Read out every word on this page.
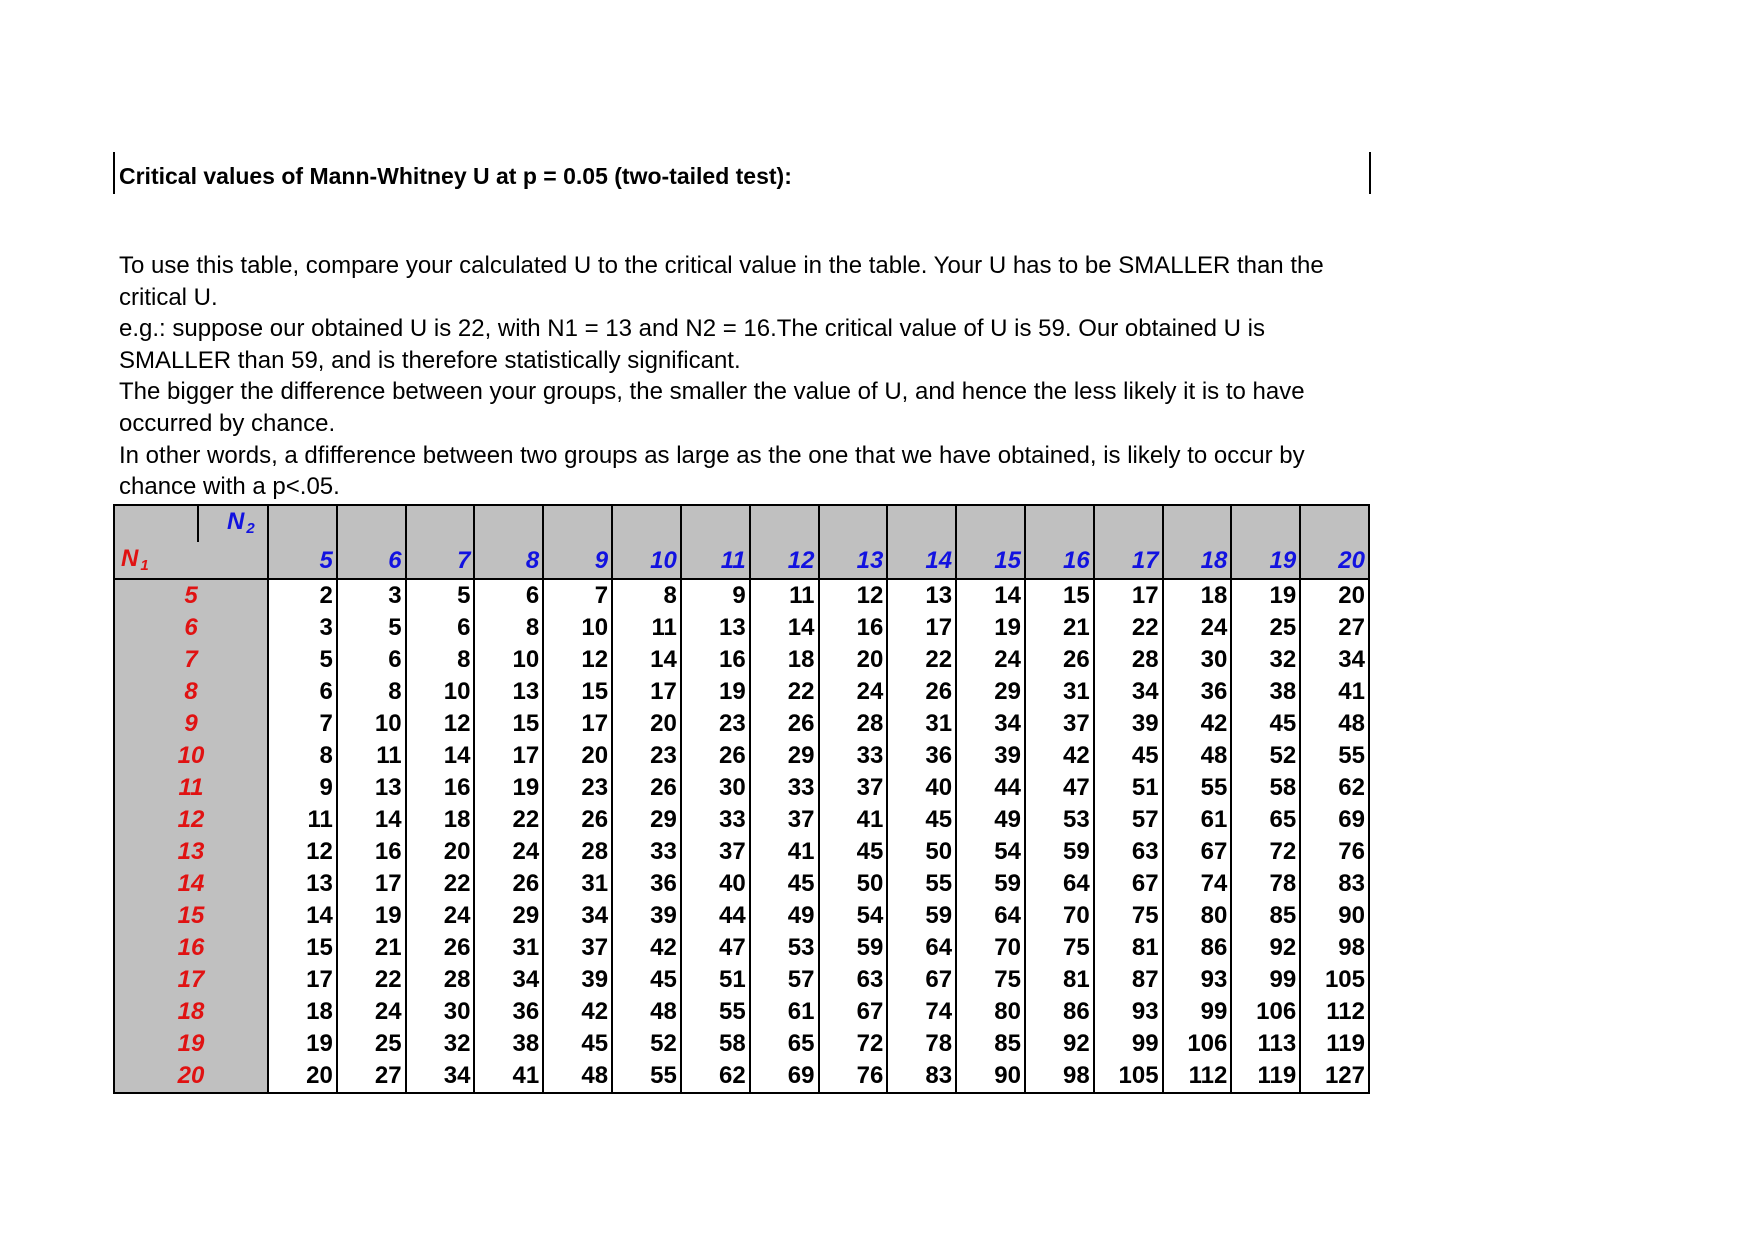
Critical values of Mann-Whitney U at p = 0.05 (two-tailed test):

To use this table, compare your calculated U to the critical value in the table. Your U has to be SMALLER than the critical U.

e.g.: suppose our obtained U is 22, with N1 = 13 and N2 = 16.The critical value of U is 59. Our obtained U is SMALLER than 59, and is therefore statistically significant.

The bigger the difference between your groups, the smaller the value of U, and hence the less likely it is to have occurred by chance.

In other words, a dfifference between two groups as large as the one that we have obtained, is likely to occur by chance with a p<.05.

N $_2$
N $_1$	5	6	7	8	9	10	11	12	13	14	15	16	17	18	19	20
5	2	3	5	6	7	8	9	11	12	13	14	15	17	18	19	20
6	3	5	6	8	10	11	13	14	16	17	19	21	22	24	25	27
7	5	6	8	10	12	14	16	18	20	22	24	26	28	30	32	34
8	6	8	10	13	15	17	19	22	24	26	29	31	34	36	38	41
9	7	10	12	15	17	20	23	26	28	31	34	37	39	42	45	48
10	8	11	14	17	20	23	26	29	33	36	39	42	45	48	52	55
11	9	13	16	19	23	26	30	33	37	40	44	47	51	55	58	62
12	11	14	18	22	26	29	33	37	41	45	49	53	57	61	65	69
13	12	16	20	24	28	33	37	41	45	50	54	59	63	67	72	76
14	13	17	22	26	31	36	40	45	50	55	59	64	67	74	78	83
15	14	19	24	29	34	39	44	49	54	59	64	70	75	80	85	90
16	15	21	26	31	37	42	47	53	59	64	70	75	81	86	92	98
17	17	22	28	34	39	45	51	57	63	67	75	81	87	93	99	105
18	18	24	30	36	42	48	55	61	67	74	80	86	93	99	106	112
19	19	25	32	38	45	52	58	65	72	78	85	92	99	106	113	119
20	20	27	34	41	48	55	62	69	76	83	90	98	105	112	119	127
